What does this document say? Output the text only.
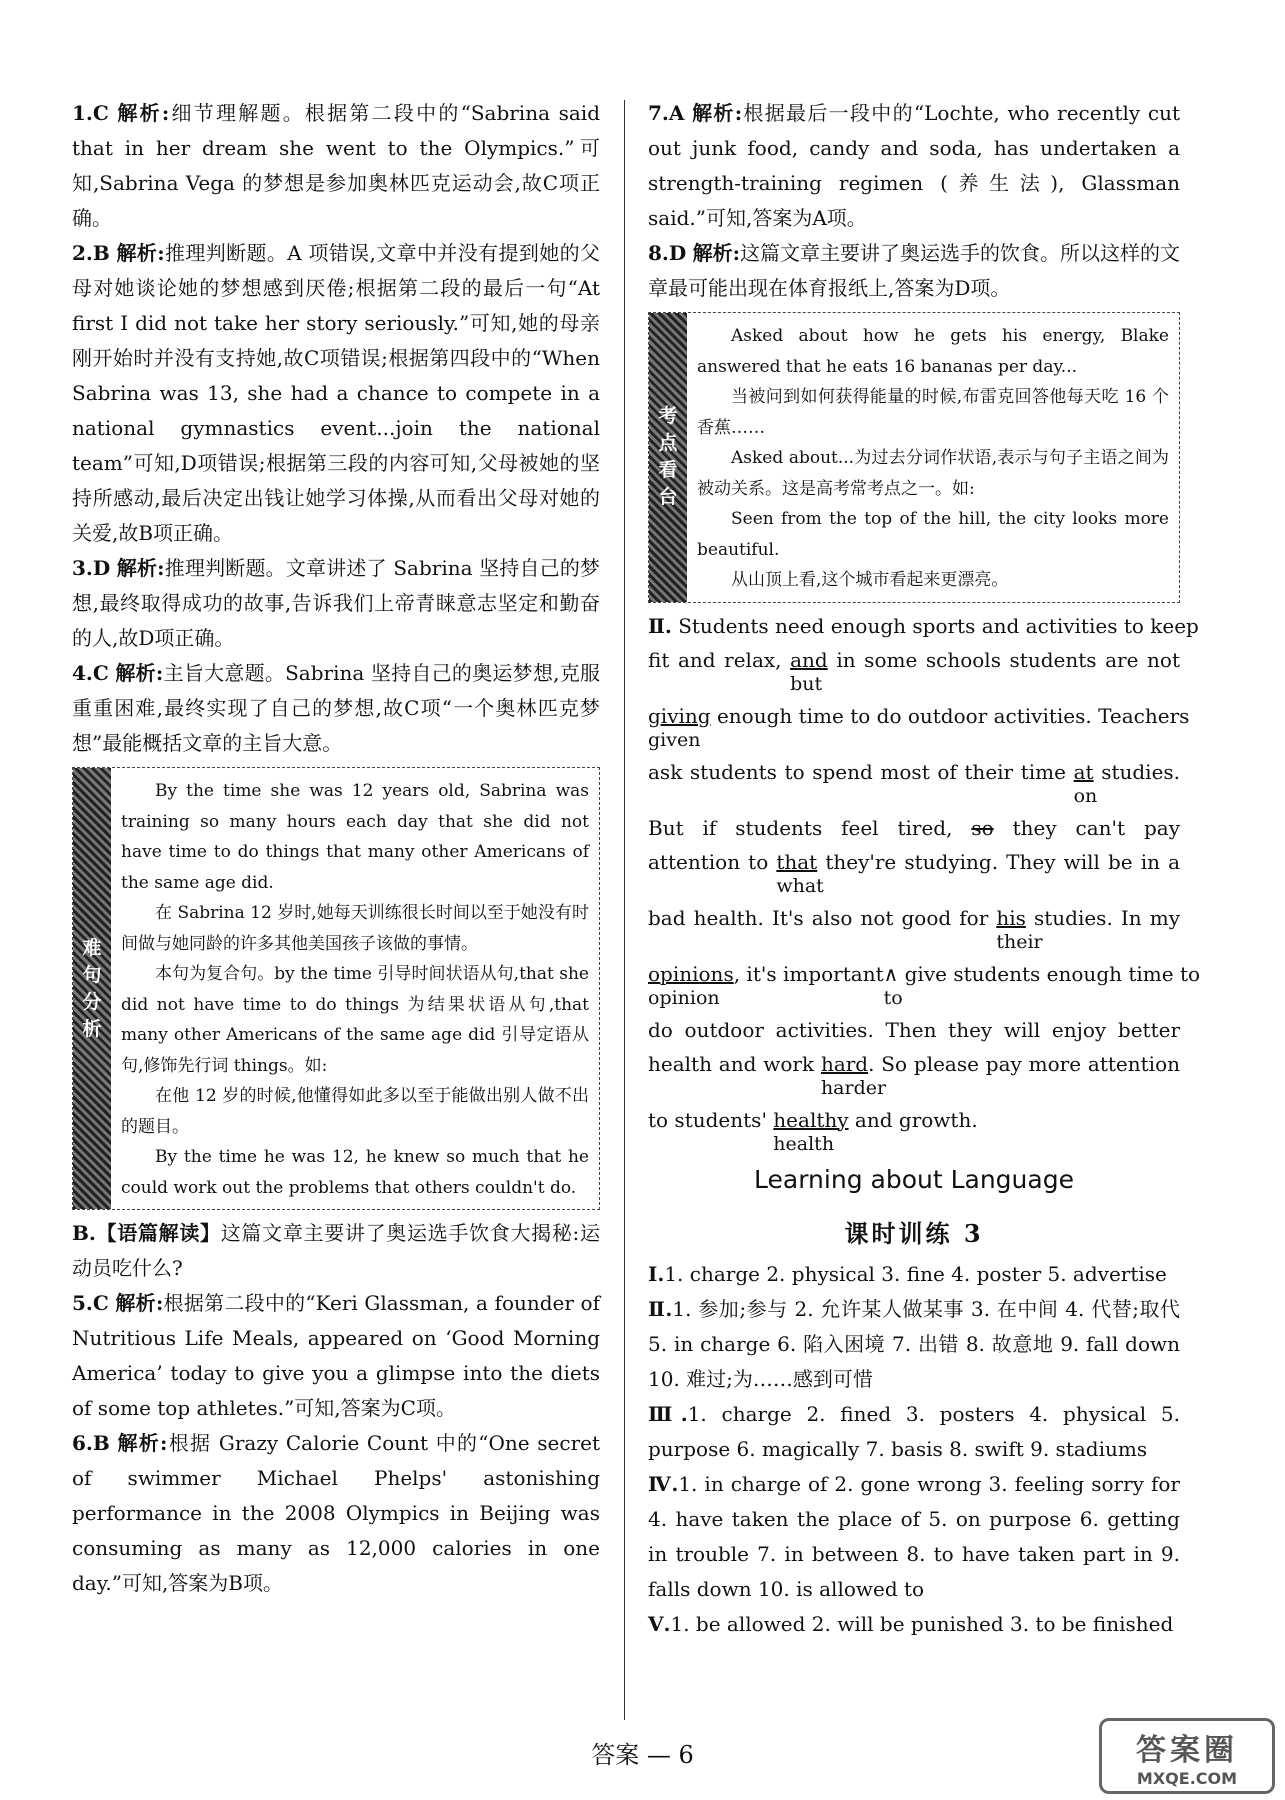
1.C 解析:细节理解题。根据第二段中的“Sabrina said that in her dream she went to the Olympics.”可知,Sabrina Vega 的梦想是参加奥林匹克运动会,故C项正确。
2.B 解析:推理判断题。A 项错误,文章中并没有提到她的父母对她谈论她的梦想感到厌倦;根据第二段的最后一句“At first I did not take her story seriously.”可知,她的母亲刚开始时并没有支持她,故C项错误;根据第四段中的“When Sabrina was 13, she had a chance to compete in a national gymnastics event...join the national team”可知,D项错误;根据第三段的内容可知,父母被她的坚持所感动,最后决定出钱让她学习体操,从而看出父母对她的关爱,故B项正确。
3.D 解析:推理判断题。文章讲述了 Sabrina 坚持自己的梦想,最终取得成功的故事,告诉我们上帝青睐意志坚定和勤奋的人,故D项正确。
4.C 解析:主旨大意题。Sabrina 坚持自己的奥运梦想,克服重重困难,最终实现了自己的梦想,故C项“一个奥林匹克梦想”最能概括文章的主旨大意。
难
句
分
析

By the time she was 12 years old, Sabrina was training so many hours each day that she did not have time to do things that many other Americans of the same age did.

在 Sabrina 12 岁时,她每天训练很长时间以至于她没有时间做与她同龄的许多其他美国孩子该做的事情。

本句为复合句。by the time 引导时间状语从句,that she did not have time to do things 为结果状语从句,that many other Americans of the same age did 引导定语从句,修饰先行词 things。如:

在他 12 岁的时候,他懂得如此多以至于能做出别人做不出的题目。

By the time he was 12, he knew so much that he could work out the problems that others couldn't do.

B.【语篇解读】这篇文章主要讲了奥运选手饮食大揭秘:运动员吃什么?
5.C 解析:根据第二段中的“Keri Glassman, a founder of Nutritious Life Meals, appeared on ‘Good Morning America’ today to give you a glimpse into the diets of some top athletes.”可知,答案为C项。
6.B 解析:根据 Grazy Calorie Count 中的“One secret of swimmer Michael Phelps' astonishing performance in the 2008 Olympics in Beijing was consuming as many as 12,000 calories in one day.”可知,答案为B项。
7.A 解析:根据最后一段中的“Lochte, who recently cut out junk food, candy and soda, has undertaken a strength-training regimen (养生法), Glassman said.”可知,答案为A项。
8.D 解析:这篇文章主要讲了奥运选手的饮食。所以这样的文章最可能出现在体育报纸上,答案为D项。
考
点
看
台

Asked about how he gets his energy, Blake answered that he eats 16 bananas per day...

当被问到如何获得能量的时候,布雷克回答他每天吃 16 个香蕉……

Asked about...为过去分词作状语,表示与句子主语之间为被动关系。这是高考常考点之一。如:

Seen from the top of the hill, the city looks more beautiful.

从山顶上看,这个城市看起来更漂亮。

Ⅱ. Students need enough sports and activities to keep
fit and relax, and
but
in some schools students are not
giving
given
enough time to do outdoor activities. Teachers
ask students to spend most of their time $\frac{at}{on}$ studies.
But if students feel tired, so they can't pay
attention to that
what
they're studying. They will be in a
bad health. It's also not good for his
their
studies. In my
opinions
opinion
, it's important∧
to
give students enough time to
do outdoor activities. Then they will enjoy better
health and work hard
harder
. So please pay more attention
to students' healthy
health
and growth.
Learning about Language
课时训练 3

Ⅰ.1. charge 2. physical 3. fine 4. poster 5. advertise

Ⅱ.1. 参加;参与 2. 允许某人做某事 3. 在中间 4. 代替;取代 5. in charge 6. 陷入困境 7. 出错 8. 故意地 9. fall down 10. 难过;为……感到可惜

Ⅲ.1. charge 2. fined 3. posters 4. physical 5. purpose 6. magically 7. basis 8. swift 9. stadiums

Ⅳ.1. in charge of 2. gone wrong 3. feeling sorry for 4. have taken the place of 5. on purpose 6. getting in trouble 7. in between 8. to have taken part in 9. falls down 10. is allowed to

Ⅴ.1. be allowed 2. will be punished 3. to be finished

答案 — 6	答案圈
MXQE.COM
